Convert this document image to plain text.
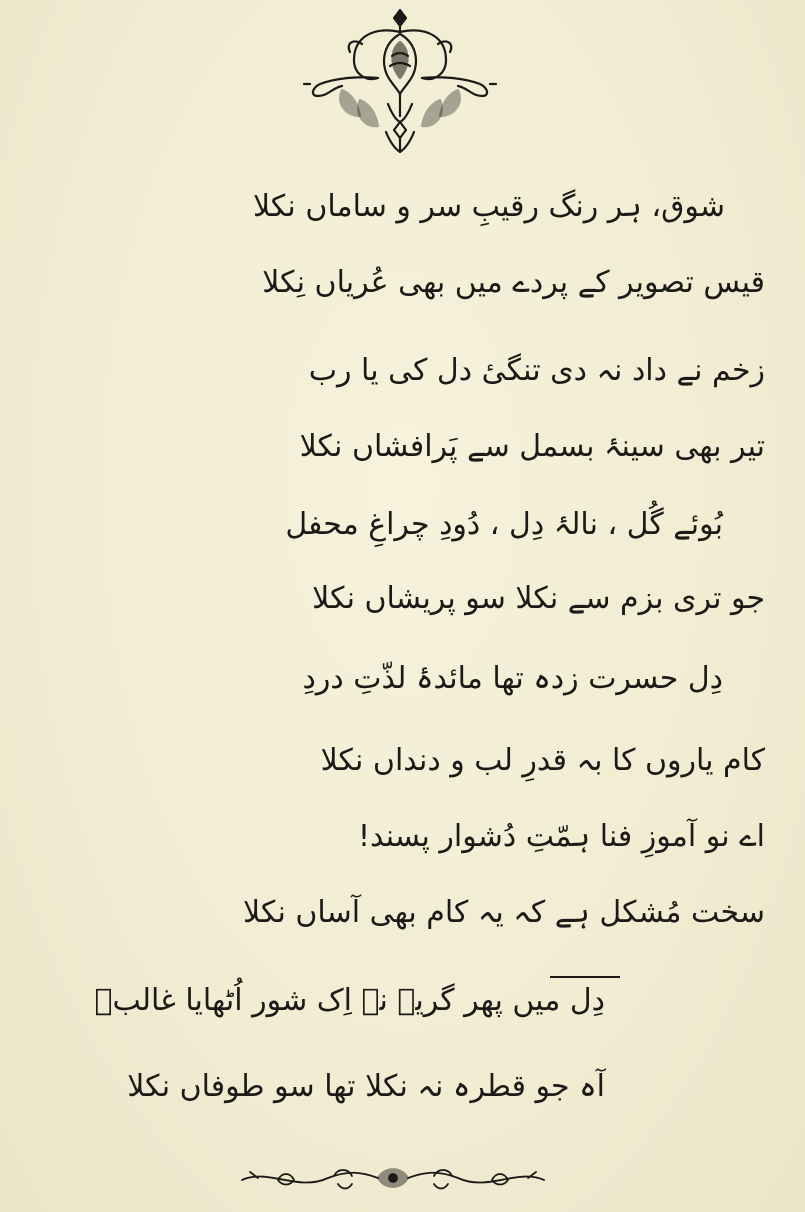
شوق، ہر رنگ رقیبِ سر و ساماں نکلا
قیس تصویر کے پردے میں بھی عُریاں نِکلا
زخم نے داد نہ دی تنگیٔ دل کی یا رب
تیر بھی سینۂ بسمل سے پَرافشاں نکلا
بُوئے گُل ، نالۂ دِل ، دُودِ چراغِ محفل
جو تری بزم سے نکلا سو پریشاں نکلا
دِل حسرت زدہ تھا مائدۂ لذّتِ دردِ
کام یاروں کا بہ قدرِ لب و دنداں نکلا
اے نو آموزِ فنا ہمّتِ دُشوار پسند!
سخت مُشکل ہے کہ یہ کام بھی آساں نکلا
دِل میں پھر گریے نے اِک شور اُٹھایا غالبؔ
آہ جو قطرہ نہ نکلا تھا سو طوفاں نکلا
